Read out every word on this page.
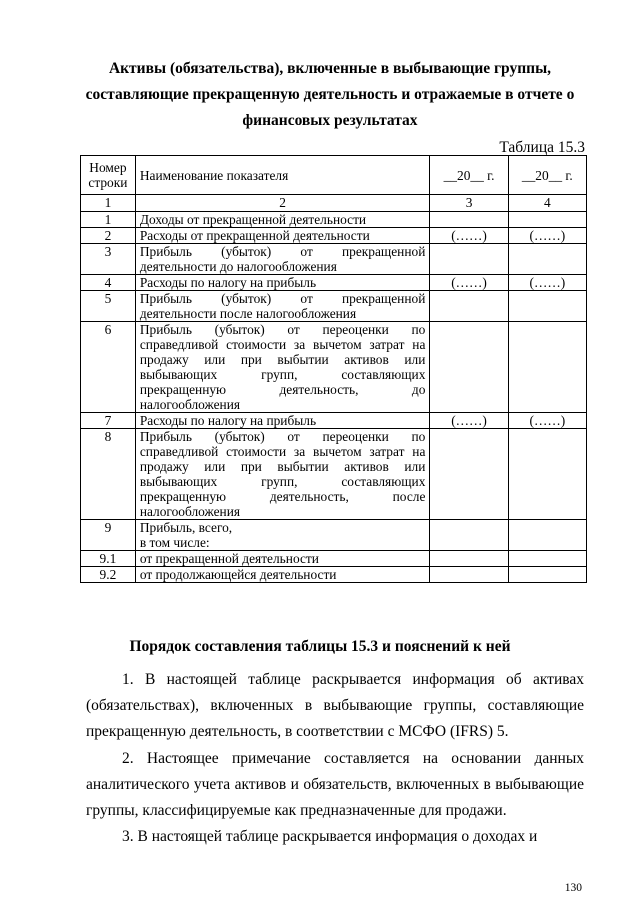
Активы (обязательства), включенные в выбывающие группы,
составляющие прекращенную деятельность и отражаемые в отчете о
финансовых результатах
Таблица 15.3
Номер
строки	Наименование показателя	__20__ г.	__20__ г.
1	2	3	4
1	Доходы от прекращенной деятельности		
2	Расходы от прекращенной деятельности	(……)	(……)
3	Прибыль (убыток) от прекращенной деятельности до налогообложения		
4	Расходы по налогу на прибыль	(……)	(……)
5	Прибыль (убыток) от прекращенной деятельности после налогообложения		
6	Прибыль (убыток) от переоценки по справедливой стоимости за вычетом затрат на продажу или при выбытии активов или выбывающих групп, составляющих прекращенную деятельность, до налогообложения		
7	Расходы по налогу на прибыль	(……)	(……)
8	Прибыль (убыток) от переоценки по справедливой стоимости за вычетом затрат на продажу или при выбытии активов или выбывающих групп, составляющих прекращенную деятельность, после налогообложения		
9	Прибыль, всего,
в том числе:		
9.1	от прекращенной деятельности		
9.2	от продолжающейся деятельности		
Порядок составления таблицы 15.3 и пояснений к ней
1. В настоящей таблице раскрывается информация об активах (обязательствах), включенных в выбывающие группы, составляющие прекращенную деятельность, в соответствии с МСФО (IFRS) 5.
2. Настоящее примечание составляется на основании данных аналитического учета активов и обязательств, включенных в выбывающие группы, классифицируемые как предназначенные для продажи.
3. В настоящей таблице раскрывается информация о доходах и
130
